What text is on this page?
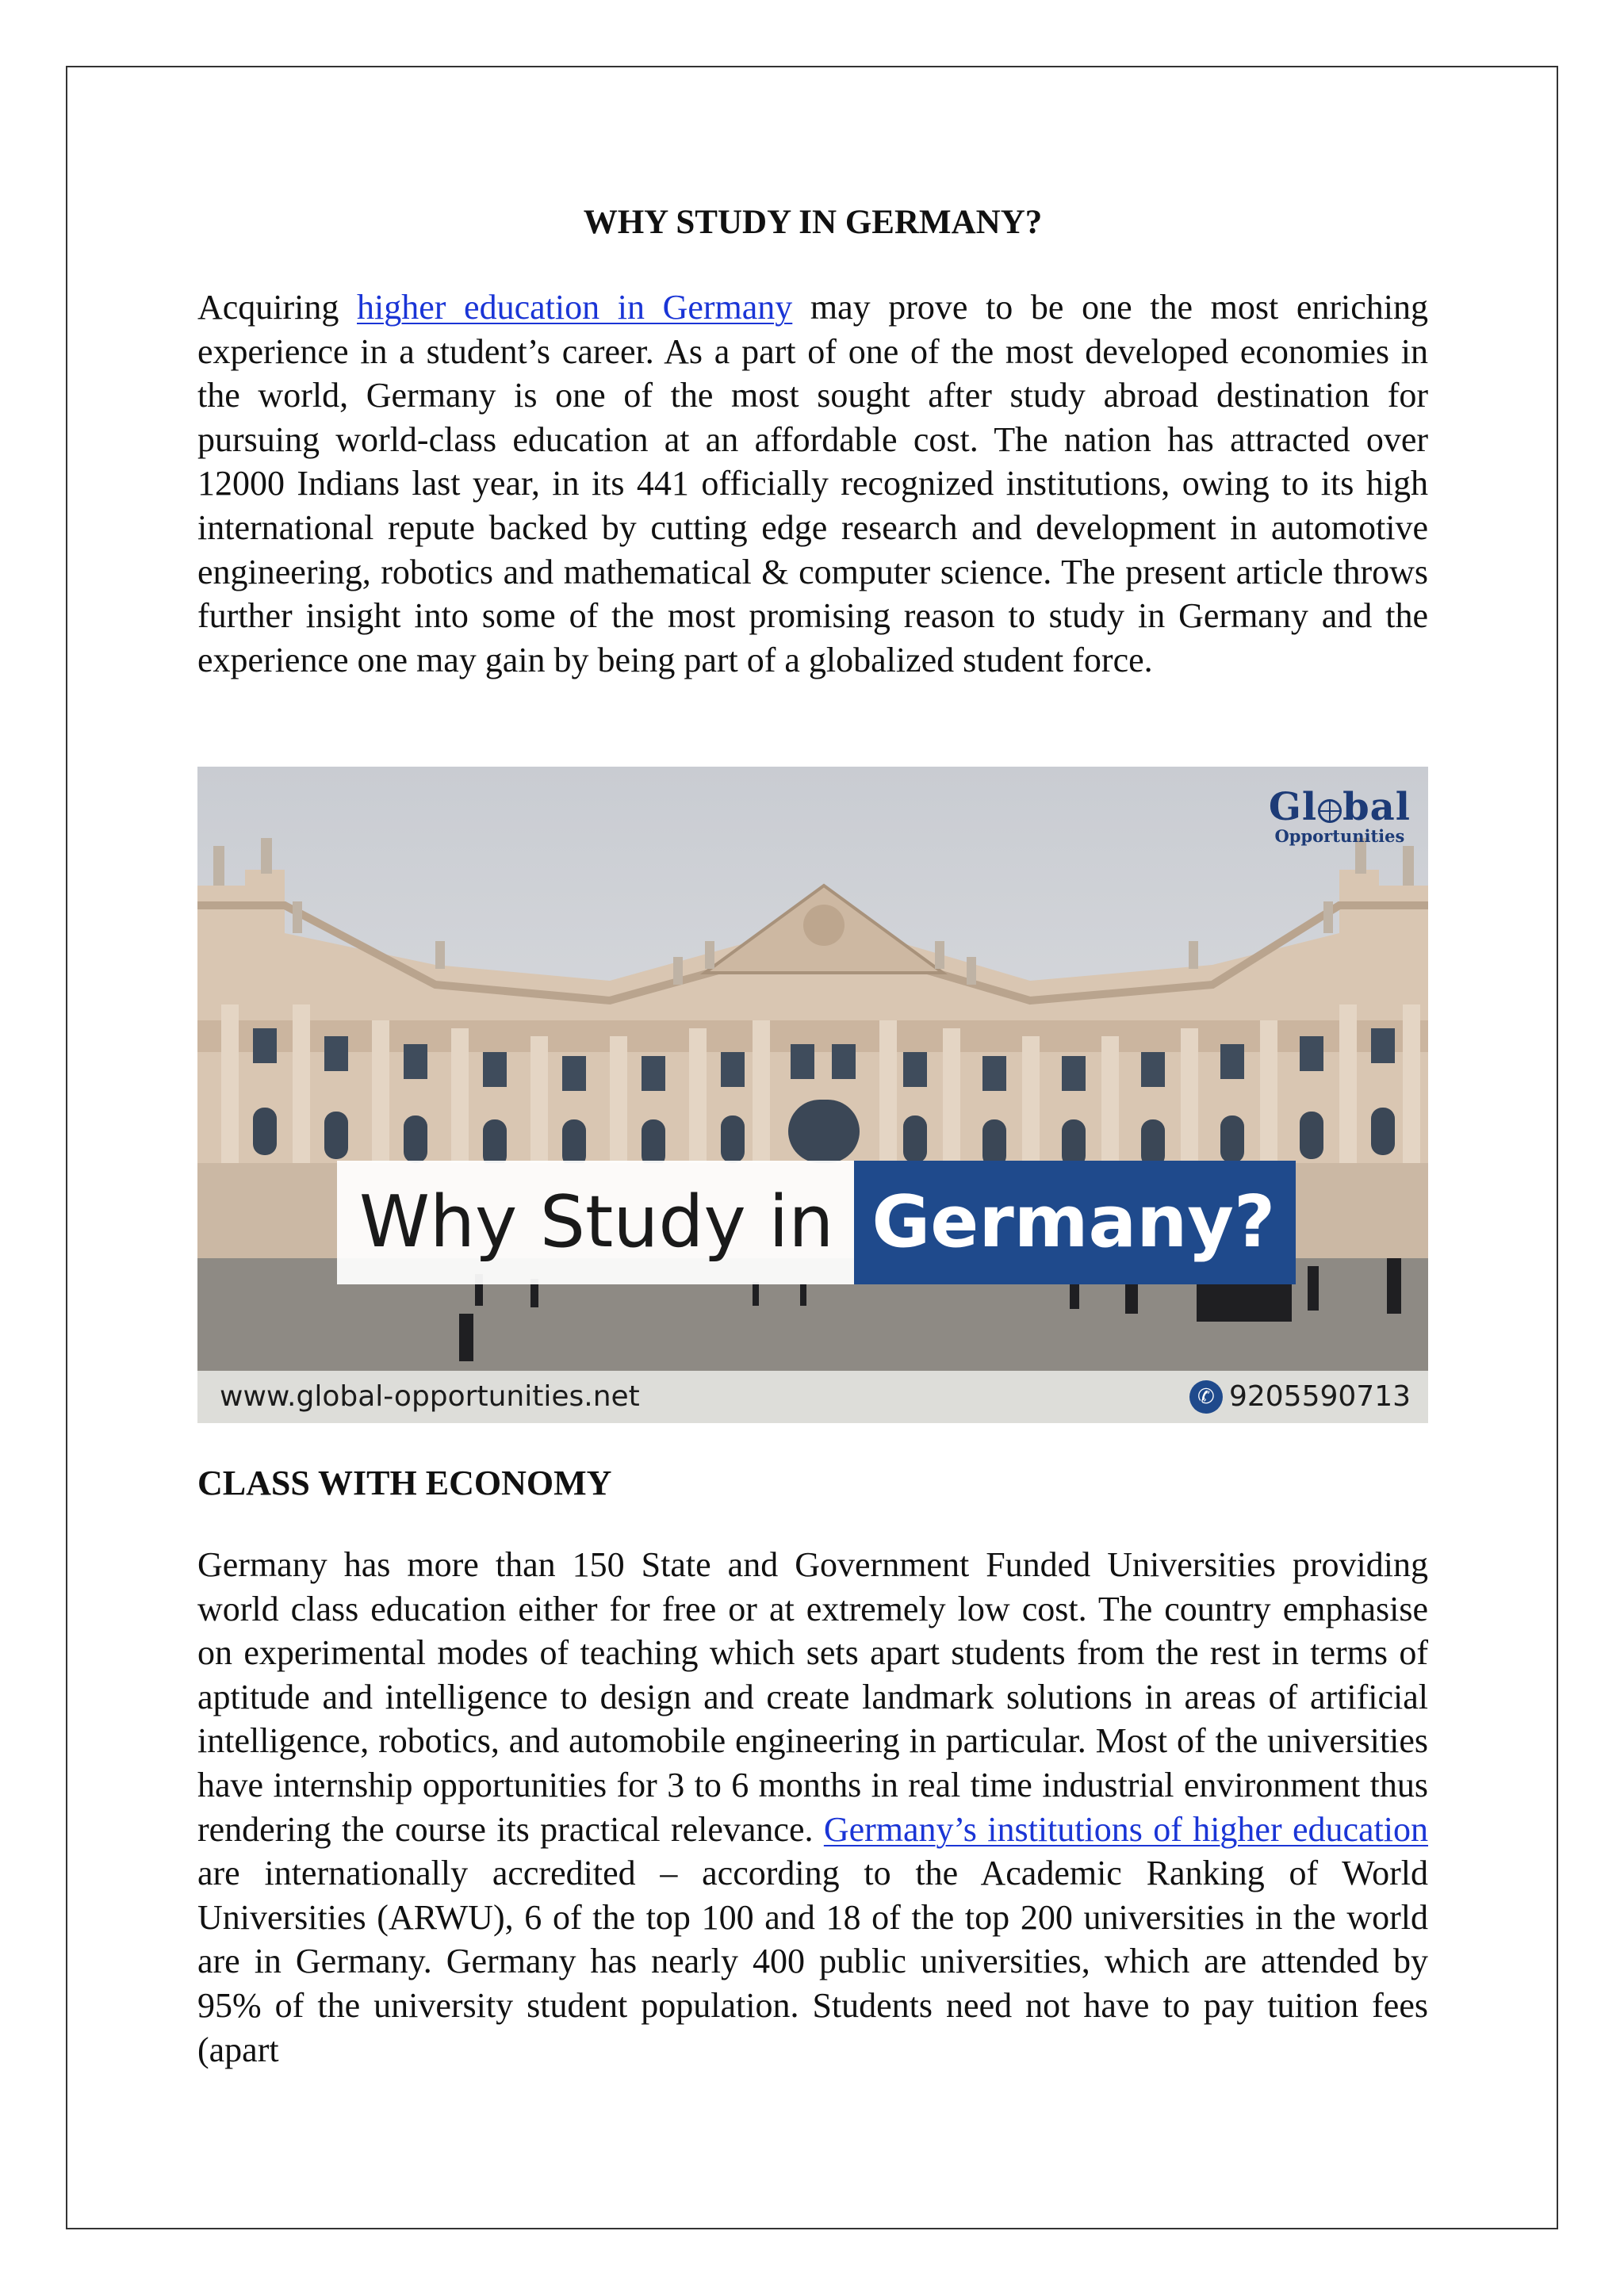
WHY STUDY IN GERMANY?

Acquiring higher education in Germany may prove to be one the most enriching experience in a student’s career. As a part of one of the most developed economies in the world, Germany is one of the most sought after study abroad destination for pursuing world-class education at an affordable cost. The nation has attracted over 12000 Indians last year, in its 441 officially recognized institutions, owing to its high international repute backed by cutting edge research and development in automotive engineering, robotics and mathematical & computer science. The present article throws further insight into some of the most promising reason to study in Germany and the experience one may gain by being part of a globalized student force.

Gl bal
Opportunities
Why Study in Germany?
www.global-opportunities.net	✆ 9205590713
CLASS WITH ECONOMY

Germany has more than 150 State and Government Funded Universities providing world class education either for free or at extremely low cost. The country emphasise on experimental modes of teaching which sets apart students from the rest in terms of aptitude and intelligence to design and create landmark solutions in areas of artificial intelligence, robotics, and automobile engineering in particular. Most of the universities have internship opportunities for 3 to 6 months in real time industrial environment thus rendering the course its practical relevance. Germany’s institutions of higher education are internationally accredited – according to the Academic Ranking of World Universities (ARWU), 6 of the top 100 and 18 of the top 200 universities in the world are in Germany. Germany has nearly 400 public universities, which are attended by 95% of the university student population. Students need not have to pay tuition fees (apart
